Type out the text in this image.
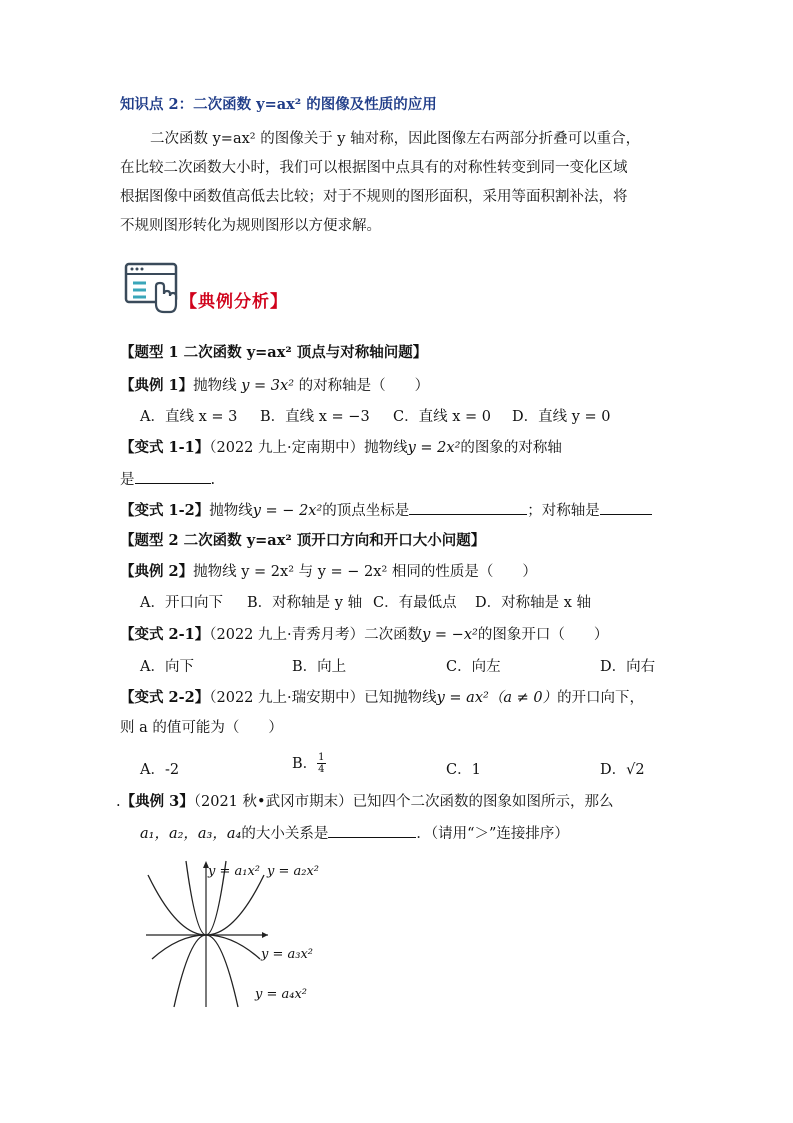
知识点 2：二次函数 y=ax² 的图像及性质的应用
二次函数 y=ax² 的图像关于 y 轴对称，因此图像左右两部分折叠可以重合，
在比较二次函数大小时，我们可以根据图中点具有的对称性转变到同一变化区域
根据图像中函数值高低去比较；对于不规则的图形面积，采用等面积割补法，将
不规则图形转化为规则图形以方便求解。
【典例分析】
【题型 1 二次函数 y=ax² 顶点与对称轴问题】
【典例 1】抛物线 y = 3x² 的对称轴是（　　）
A．直线 x = 3 B．直线 x = −3 C．直线 x = 0 D．直线 y = 0
【变式 1-1】（2022 九上·定南期中）抛物线y = 2x²的图象的对称轴
是	.
【变式 1-2】抛物线y = − 2x²的顶点坐标是	；对称轴是
【题型 2 二次函数 y=ax² 顶开口方向和开口大小问题】
【典例 2】抛物线 y = 2x² 与 y = − 2x² 相同的性质是（　　）
A．开口向下 B．对称轴是 y 轴 C．有最低点 D．对称轴是 x 轴
【变式 2-1】（2022 九上·青秀月考）二次函数y = −x²的图象开口（　　）
A．向下	B．向上	C．向左	D．向右
【变式 2-2】（2022 九上·瑞安期中）已知抛物线y = ax²（a ≠ 0）的开口向下，
则 a 的值可能为（　　）
A．-2	B． $\frac{1}{4}$	C．1	D．√2
.【典例 3】（2021 秋•武冈市期末）已知四个二次函数的图象如图所示，那么
a₁，a₂，a₃，a₄的大小关系是	．（请用“＞”连接排序）
y = a₁x² y = a₂x²
y = a₃x²
y = a₄x²
